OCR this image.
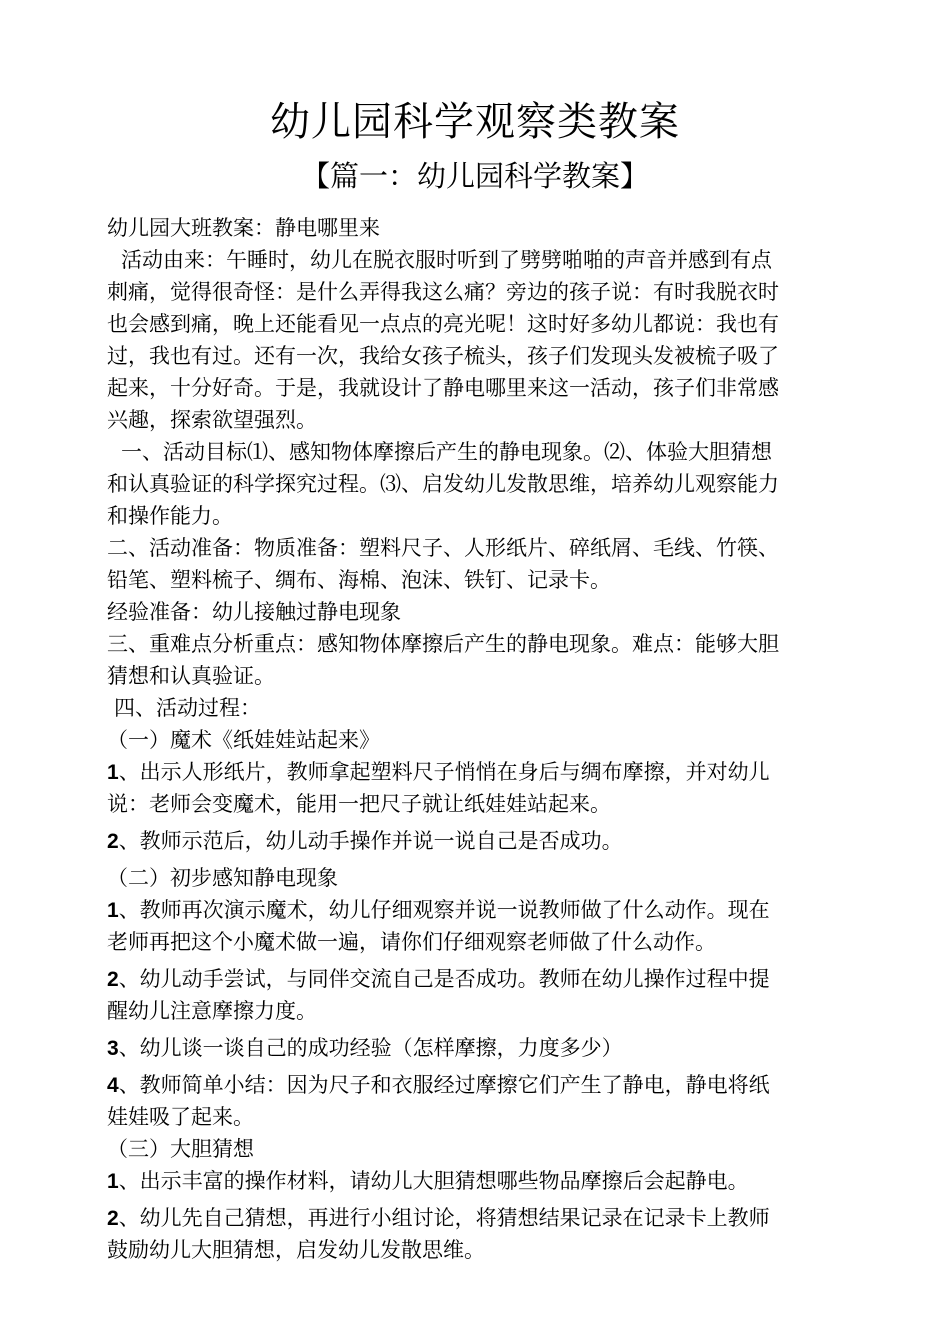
幼儿园科学观察类教案
【篇一：幼儿园科学教案】
幼儿园大班教案：静电哪里来
活动由来：午睡时，幼儿在脱衣服时听到了劈劈啪啪的声音并感到有点
刺痛，觉得很奇怪：是什么弄得我这么痛？旁边的孩子说：有时我脱衣时
也会感到痛，晚上还能看见一点点的亮光呢！这时好多幼儿都说：我也有
过，我也有过。还有一次，我给女孩子梳头，孩子们发现头发被梳子吸了
起来，十分好奇。于是，我就设计了静电哪里来这一活动，孩子们非常感
兴趣，探索欲望强烈。
一、活动目标⑴、感知物体摩擦后产生的静电现象。⑵、体验大胆猜想
和认真验证的科学探究过程。⑶、启发幼儿发散思维，培养幼儿观察能力
和操作能力。
二、活动准备：物质准备：塑料尺子、人形纸片、碎纸屑、毛线、竹筷、
铅笔、塑料梳子、绸布、海棉、泡沫、铁钉、记录卡。
经验准备：幼儿接触过静电现象
三、重难点分析重点：感知物体摩擦后产生的静电现象。难点：能够大胆
猜想和认真验证。
四、活动过程：
（一）魔术《纸娃娃站起来》
1、出示人形纸片，教师拿起塑料尺子悄悄在身后与绸布摩擦，并对幼儿
说：老师会变魔术，能用一把尺子就让纸娃娃站起来。
2、教师示范后，幼儿动手操作并说一说自己是否成功。
（二）初步感知静电现象
1、教师再次演示魔术，幼儿仔细观察并说一说教师做了什么动作。现在
老师再把这个小魔术做一遍，请你们仔细观察老师做了什么动作。
2、幼儿动手尝试，与同伴交流自己是否成功。教师在幼儿操作过程中提
醒幼儿注意摩擦力度。
3、幼儿谈一谈自己的成功经验（怎样摩擦，力度多少）
4、教师简单小结：因为尺子和衣服经过摩擦它们产生了静电，静电将纸
娃娃吸了起来。
（三）大胆猜想
1、出示丰富的操作材料，请幼儿大胆猜想哪些物品摩擦后会起静电。
2、幼儿先自己猜想，再进行小组讨论，将猜想结果记录在记录卡上教师
鼓励幼儿大胆猜想，启发幼儿发散思维。
